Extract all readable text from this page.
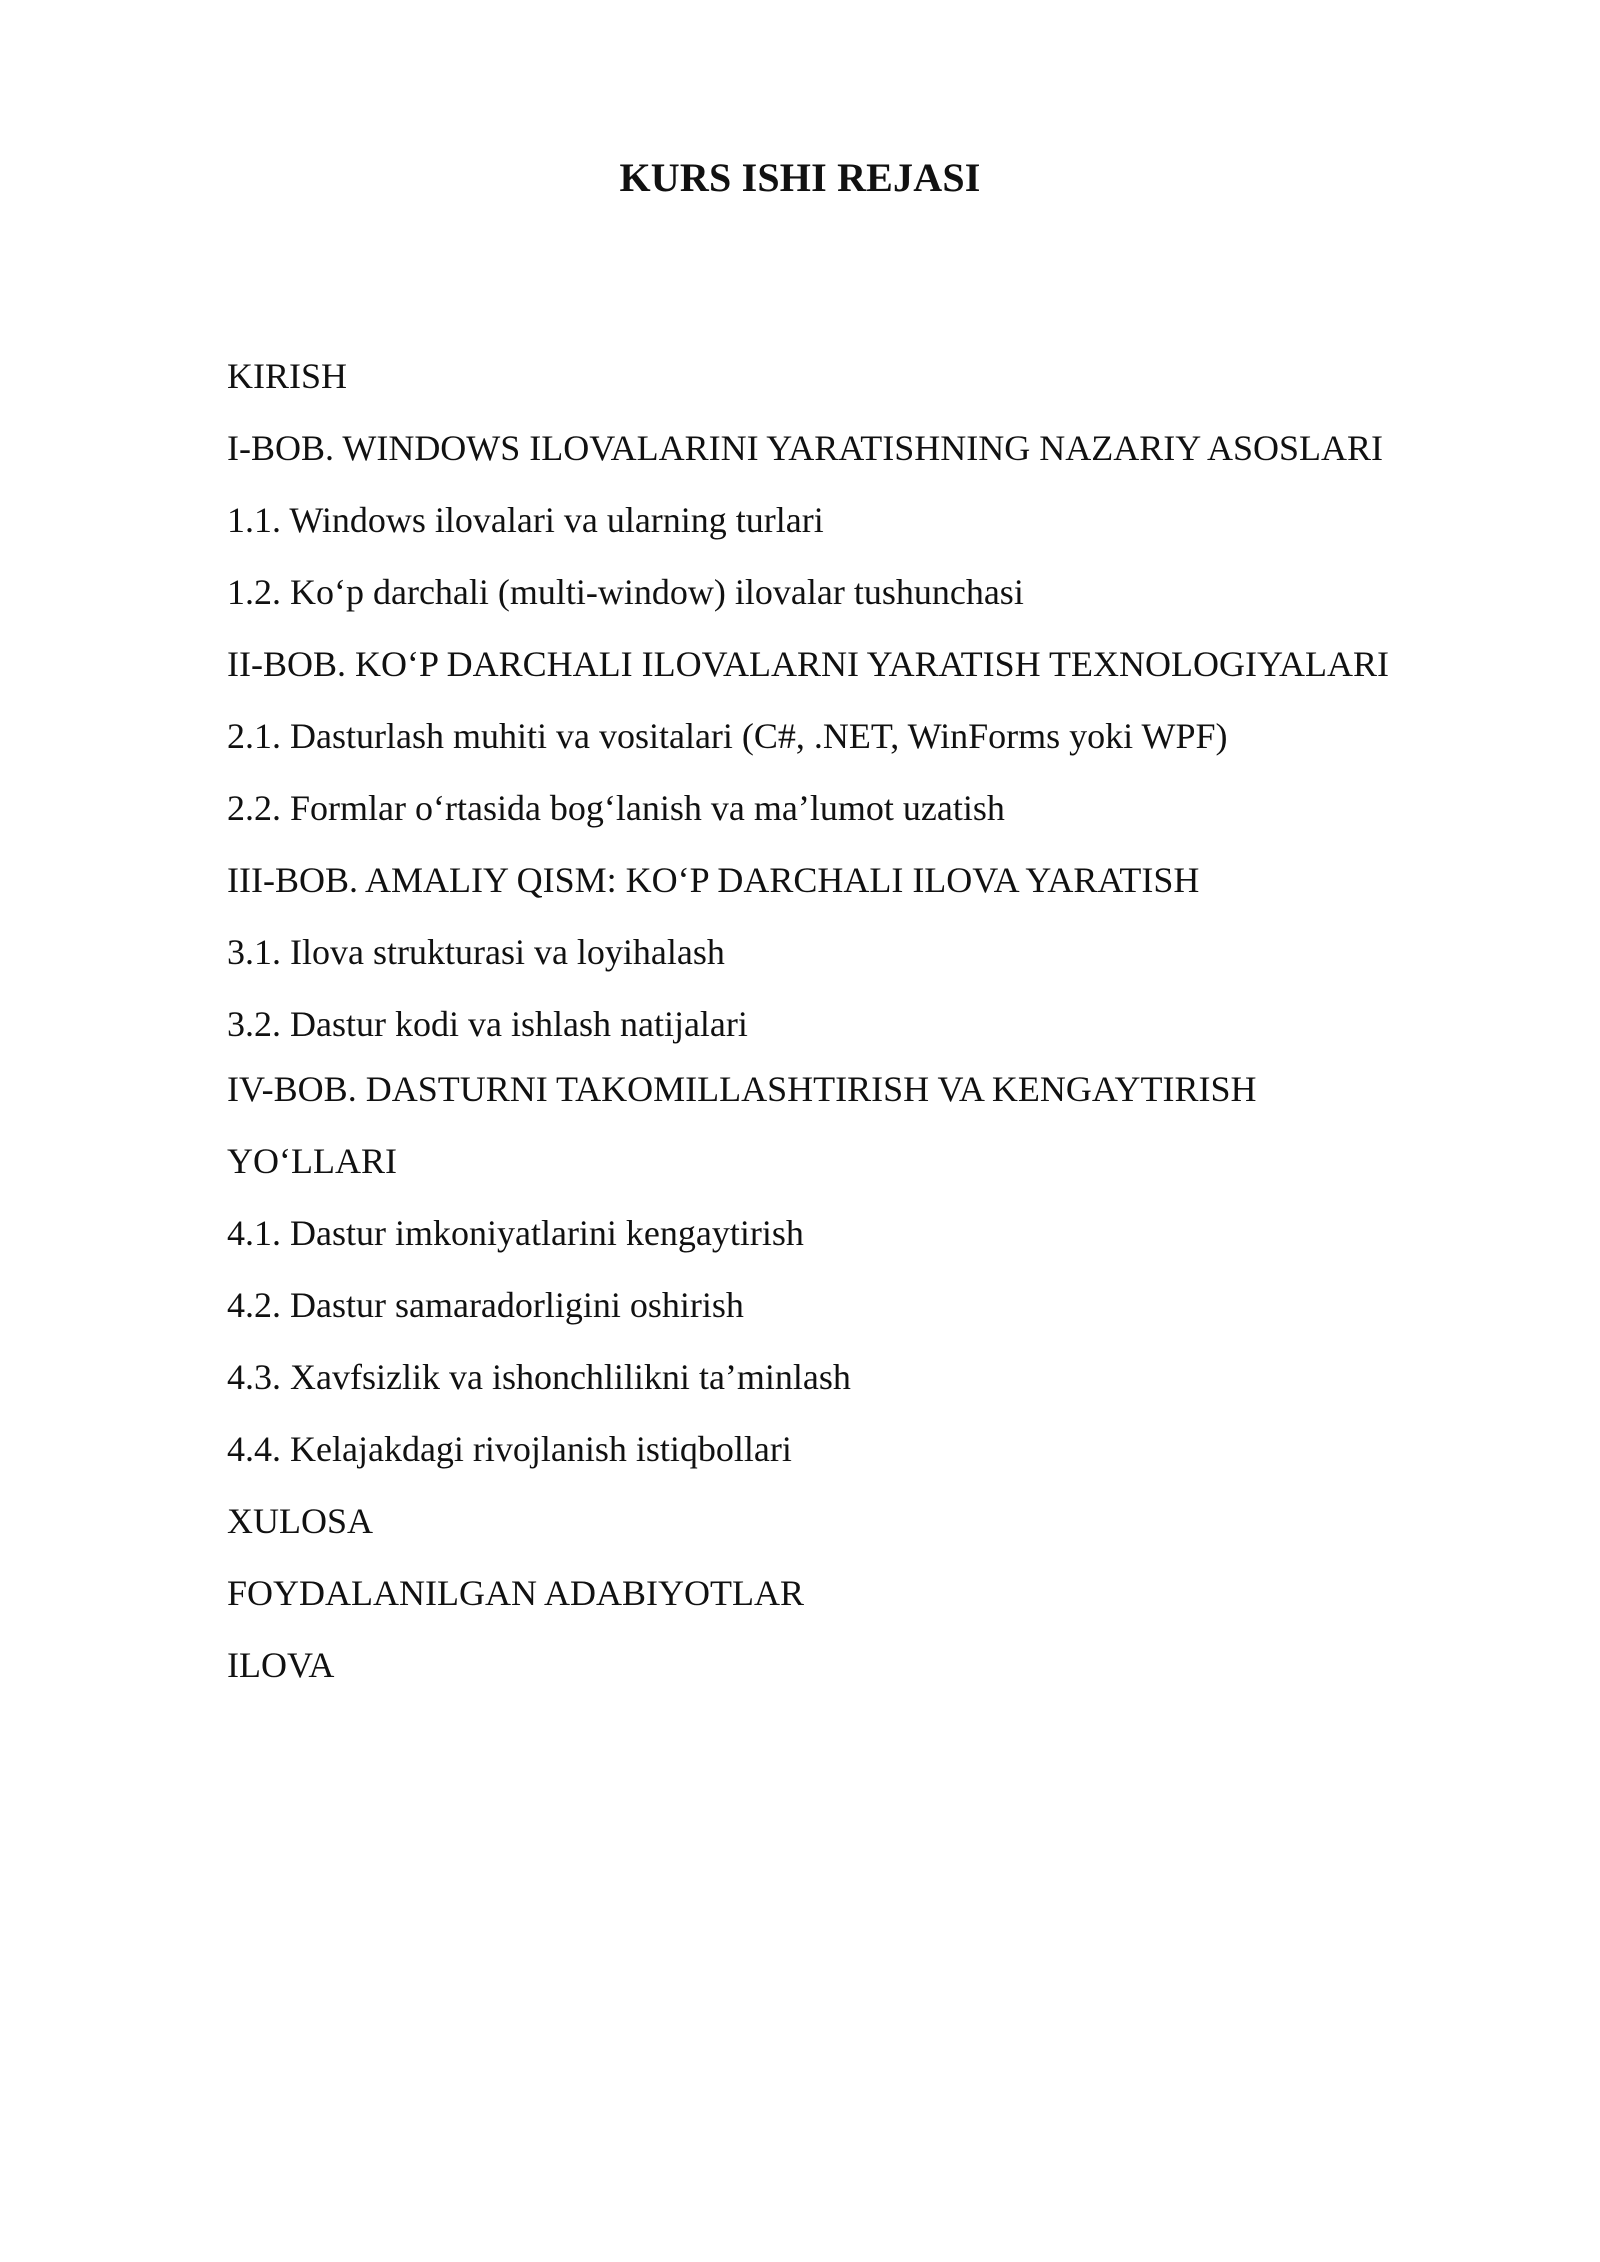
KURS ISHI REJASI

KIRISH

I-BOB. WINDOWS ILOVALARINI YARATISHNING NAZARIY ASOSLARI

1.1. Windows ilovalari va ularning turlari

1.2. Ko‘p darchali (multi-window) ilovalar tushunchasi

II-BOB. KO‘P DARCHALI ILOVALARNI YARATISH TEXNOLOGIYALARI

2.1. Dasturlash muhiti va vositalari (C#, .NET, WinForms yoki WPF)

2.2. Formlar o‘rtasida bog‘lanish va ma’lumot uzatish

III-BOB. AMALIY QISM: KO‘P DARCHALI ILOVA YARATISH

3.1. Ilova strukturasi va loyihalash

3.2. Dastur kodi va ishlash natijalari

IV-BOB. DASTURNI TAKOMILLASHTIRISH VA KENGAYTIRISH

YO‘LLARI

4.1. Dastur imkoniyatlarini kengaytirish

4.2. Dastur samaradorligini oshirish

4.3. Xavfsizlik va ishonchlilikni ta’minlash

4.4. Kelajakdagi rivojlanish istiqbollari

XULOSA

FOYDALANILGAN ADABIYOTLAR

ILOVA
